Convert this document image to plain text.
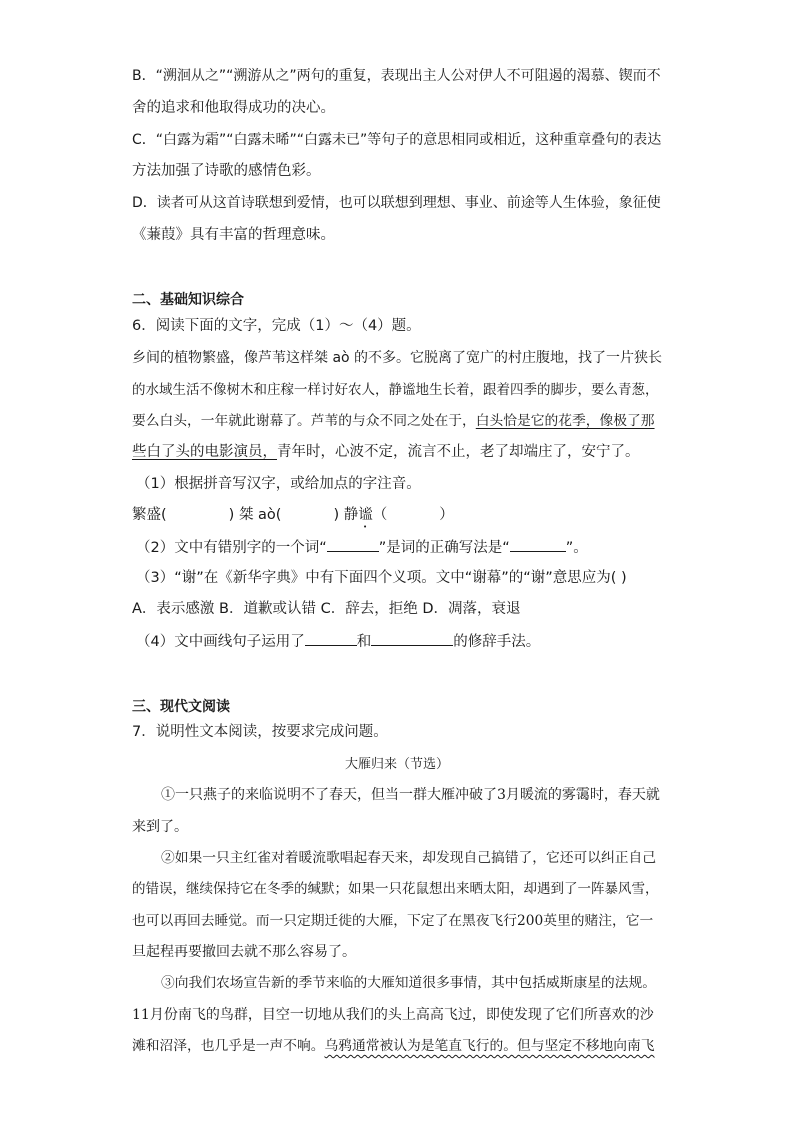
B．“溯洄从之”“溯游从之”两句的重复，表现出主人公对伊人不可阻遏的渴慕、锲而不
舍的追求和他取得成功的决心。
C．“白露为霜”“白露未晞”“白露未已”等句子的意思相同或相近，这种重章叠句的表达
方法加强了诗歌的感情色彩。
D．读者可从这首诗联想到爱情，也可以联想到理想、事业、前途等人生体验，象征使
《蒹葭》具有丰富的哲理意味。
二、基础知识综合
6．阅读下面的文字，完成（1）～（4）题。
乡间的植物繁盛，像芦苇这样桀 aò 的不多。它脱离了宽广的村庄腹地，找了一片狭长
的水域生活不像树木和庄稼一样讨好农人，静谧地生长着，跟着四季的脚步，要么青葱，
要么白头，一年就此谢幕了。芦苇的与众不同之处在于，白头恰是它的花季，像极了那
些白了头的电影演员，青年时，心波不定，流言不止，老了却端庄了，安宁了。
（1）根据拼音写汉字，或给加点的字注音。
繁盛(	) 桀 aò(	) 静谧（	）
（2）文中有错别字的一个词“	”是词的正确写法是“	”。
（3）“谢”在《新华字典》中有下面四个义项。文中“谢幕”的“谢”意思应为( )
A．表示感激 B．道歉或认错 C．辞去，拒绝 D．凋落，衰退
（4）文中画线句子运用了	和	的修辞手法。
三、现代文阅读
7．说明性文本阅读，按要求完成问题。
大雁归来（节选）
①一只燕子的来临说明不了春天，但当一群大雁冲破了3月暖流的雾霭时，春天就
来到了。
②如果一只主红雀对着暖流歌唱起春天来，却发现自己搞错了，它还可以纠正自己
的错误，继续保持它在冬季的缄默；如果一只花鼠想出来晒太阳，却遇到了一阵暴风雪，
也可以再回去睡觉。而一只定期迁徙的大雁，下定了在黑夜飞行200英里的赌注，它一
旦起程再要撤回去就不那么容易了。
③向我们农场宣告新的季节来临的大雁知道很多事情，其中包括威斯康星的法规。
11月份南飞的鸟群，目空一切地从我们的头上高高飞过，即使发现了它们所喜欢的沙
滩和沼泽，也几乎是一声不响。乌鸦通常被认为是笔直飞行的。但与坚定不移地向南飞
